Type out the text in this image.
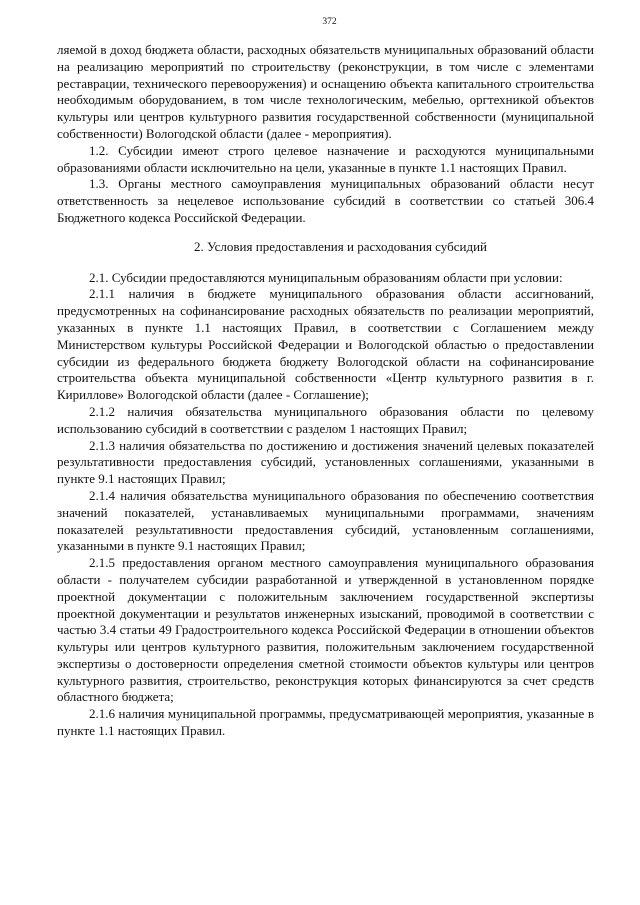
372

ляемой в доход бюджета области, расходных обязательств муниципальных образований области на реализацию мероприятий по строительству (реконструкции, в том числе с элементами реставрации, технического перевооружения) и оснащению объекта капитального строительства необходимым оборудованием, в том числе технологическим, мебелью, оргтехникой объектов культуры или центров культурного развития государственной собственности (муниципальной собственности) Вологодской области (далее - мероприятия).

1.2. Субсидии имеют строго целевое назначение и расходуются муниципальными образованиями области исключительно на цели, указанные в пункте 1.1 настоящих Правил.

1.3. Органы местного самоуправления муниципальных образований области несут ответственность за нецелевое использование субсидий в соответствии со статьей 306.4 Бюджетного кодекса Российской Федерации.

2. Условия предоставления и расходования субсидий

2.1. Субсидии предоставляются муниципальным образованиям области при условии:

2.1.1 наличия в бюджете муниципального образования области ассигнований, предусмотренных на софинансирование расходных обязательств по реализации мероприятий, указанных в пункте 1.1 настоящих Правил, в соответствии с Соглашением между Министерством культуры Российской Федерации и Вологодской областью о предоставлении субсидии из федерального бюджета бюджету Вологодской области на софинансирование строительства объекта муниципальной собственности «Центр культурного развития в г. Кириллове» Вологодской области (далее - Соглашение);

2.1.2 наличия обязательства муниципального образования области по целевому использованию субсидий в соответствии с разделом 1 настоящих Правил;

2.1.3 наличия обязательства по достижению и достижения значений целевых показателей результативности предоставления субсидий, установленных соглашениями, указанными в пункте 9.1 настоящих Правил;

2.1.4 наличия обязательства муниципального образования по обеспечению соответствия значений показателей, устанавливаемых муниципальными программами, значениям показателей результативности предоставления субсидий, установленным соглашениями, указанными в пункте 9.1 настоящих Правил;

2.1.5 предоставления органом местного самоуправления муниципального образования области - получателем субсидии разработанной и утвержденной в установленном порядке проектной документации с положительным заключением государственной экспертизы проектной документации и результатов инженерных изысканий, проводимой в соответствии с частью 3.4 статьи 49 Градостроительного кодекса Российской Федерации в отношении объектов культуры или центров культурного развития, положительным заключением государственной экспертизы о достоверности определения сметной стоимости объектов культуры или центров культурного развития, строительство, реконструкция которых финансируются за счет средств областного бюджета;

2.1.6 наличия муниципальной программы, предусматривающей мероприятия, указанные в пункте 1.1 настоящих Правил.
